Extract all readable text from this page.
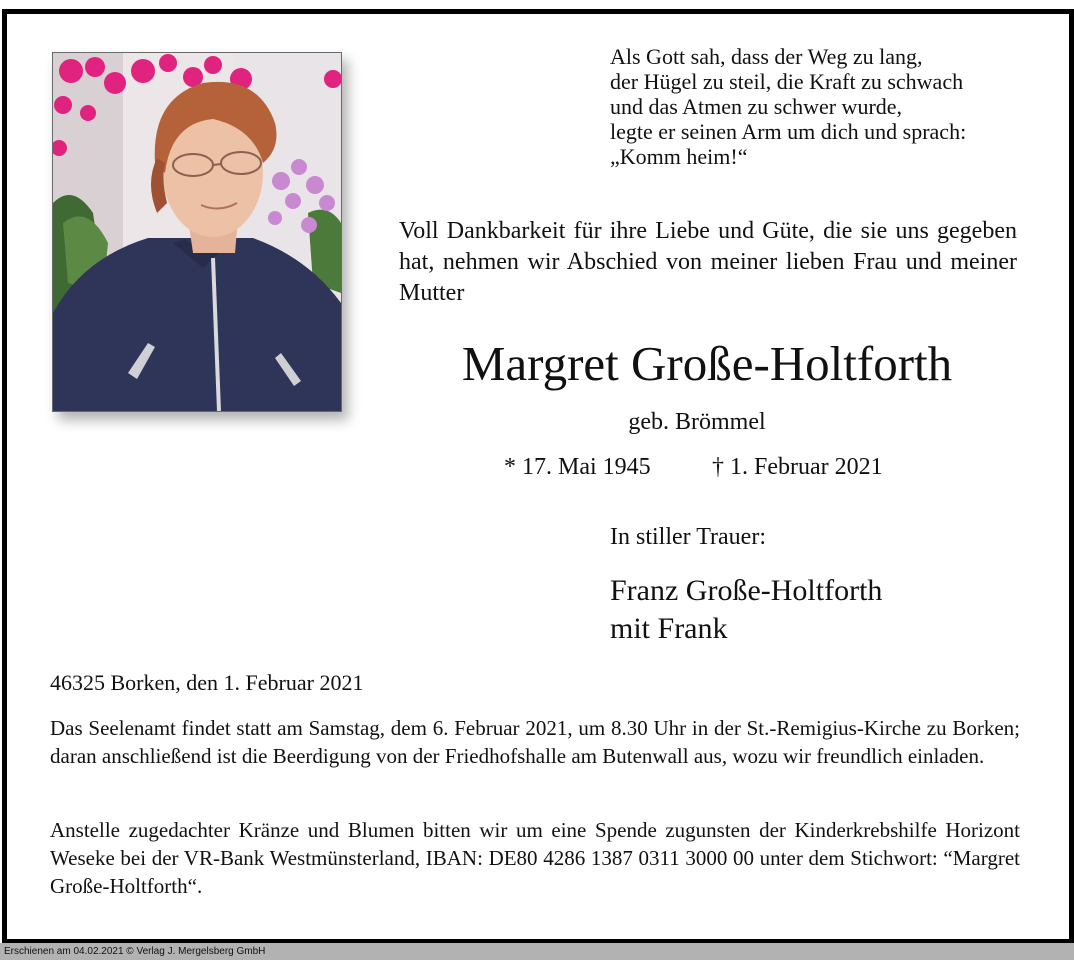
Als Gott sah, dass der Weg zu lang,
der Hügel zu steil, die Kraft zu schwach
und das Atmen zu schwer wurde,
legte er seinen Arm um dich und sprach:
„Komm heim!“
Voll Dankbarkeit für ihre Liebe und Güte, die sie uns gegeben hat, nehmen wir Abschied von meiner lieben Frau und meiner Mutter
Margret Große-Holtforth
geb. Brömmel
* 17. Mai 1945	† 1. Februar 2021
In stiller Trauer:
Franz Große-Holtforth
mit Frank
46325 Borken, den 1. Februar 2021
Das Seelenamt findet statt am Samstag, dem 6. Februar 2021, um 8.30 Uhr in der St.-Remigius-Kirche zu Borken; daran anschließend ist die Beerdigung von der Friedhofshalle am Butenwall aus, wozu wir freundlich einladen.
Anstelle zugedachter Kränze und Blumen bitten wir um eine Spende zugunsten der Kinderkrebshilfe Horizont Weseke bei der VR-Bank Westmünsterland, IBAN: DE80 4286 1387 0311 3000 00 unter dem Stichwort: “Margret Große-Holtforth“.
Erschienen am 04.02.2021 © Verlag J. Mergelsberg GmbH
